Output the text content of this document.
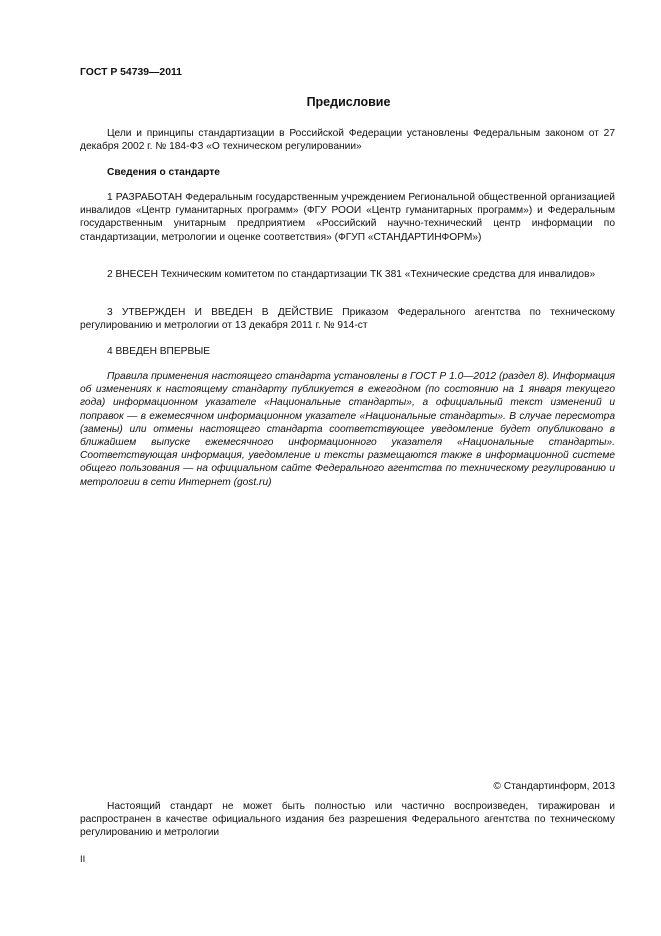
ГОСТ Р 54739—2011
Предисловие
Цели и принципы стандартизации в Российской Федерации установлены Федеральным законом от 27 декабря 2002 г. № 184-ФЗ «О техническом регулировании»
Сведения о стандарте
1 РАЗРАБОТАН Федеральным государственным учреждением Региональной общественной организацией инвалидов «Центр гуманитарных программ» (ФГУ РООИ «Центр гуманитарных программ») и Федеральным государственным унитарным предприятием «Российский научно-технический центр информации по стандартизации, метрологии и оценке соответствия» (ФГУП «СТАНДАРТИНФОРМ»)
2 ВНЕСЕН Техническим комитетом по стандартизации ТК 381 «Технические средства для инвалидов»
3 УТВЕРЖДЕН И ВВЕДЕН В ДЕЙСТВИЕ Приказом Федерального агентства по техническому регулированию и метрологии от 13 декабря 2011 г. № 914-ст
4 ВВЕДЕН ВПЕРВЫЕ
Правила применения настоящего стандарта установлены в ГОСТ Р 1.0—2012 (раздел 8). Информация об изменениях к настоящему стандарту публикуется в ежегодном (по состоянию на 1 января текущего года) информационном указателе «Национальные стандарты», а официальный текст изменений и поправок — в ежемесячном информационном указателе «Национальные стандарты». В случае пересмотра (замены) или отмены настоящего стандарта соответствующее уведомление будет опубликовано в ближайшем выпуске ежемесячного информационного указателя «Национальные стандарты». Соответствующая информация, уведомление и тексты размещаются также в информационной системе общего пользования — на официальном сайте Федерального агентства по техническому регулированию и метрологии в сети Интернет (gost.ru)
© Стандартинформ, 2013
Настоящий стандарт не может быть полностью или частично воспроизведен, тиражирован и распространен в качестве официального издания без разрешения Федерального агентства по техническому регулированию и метрологии
II
